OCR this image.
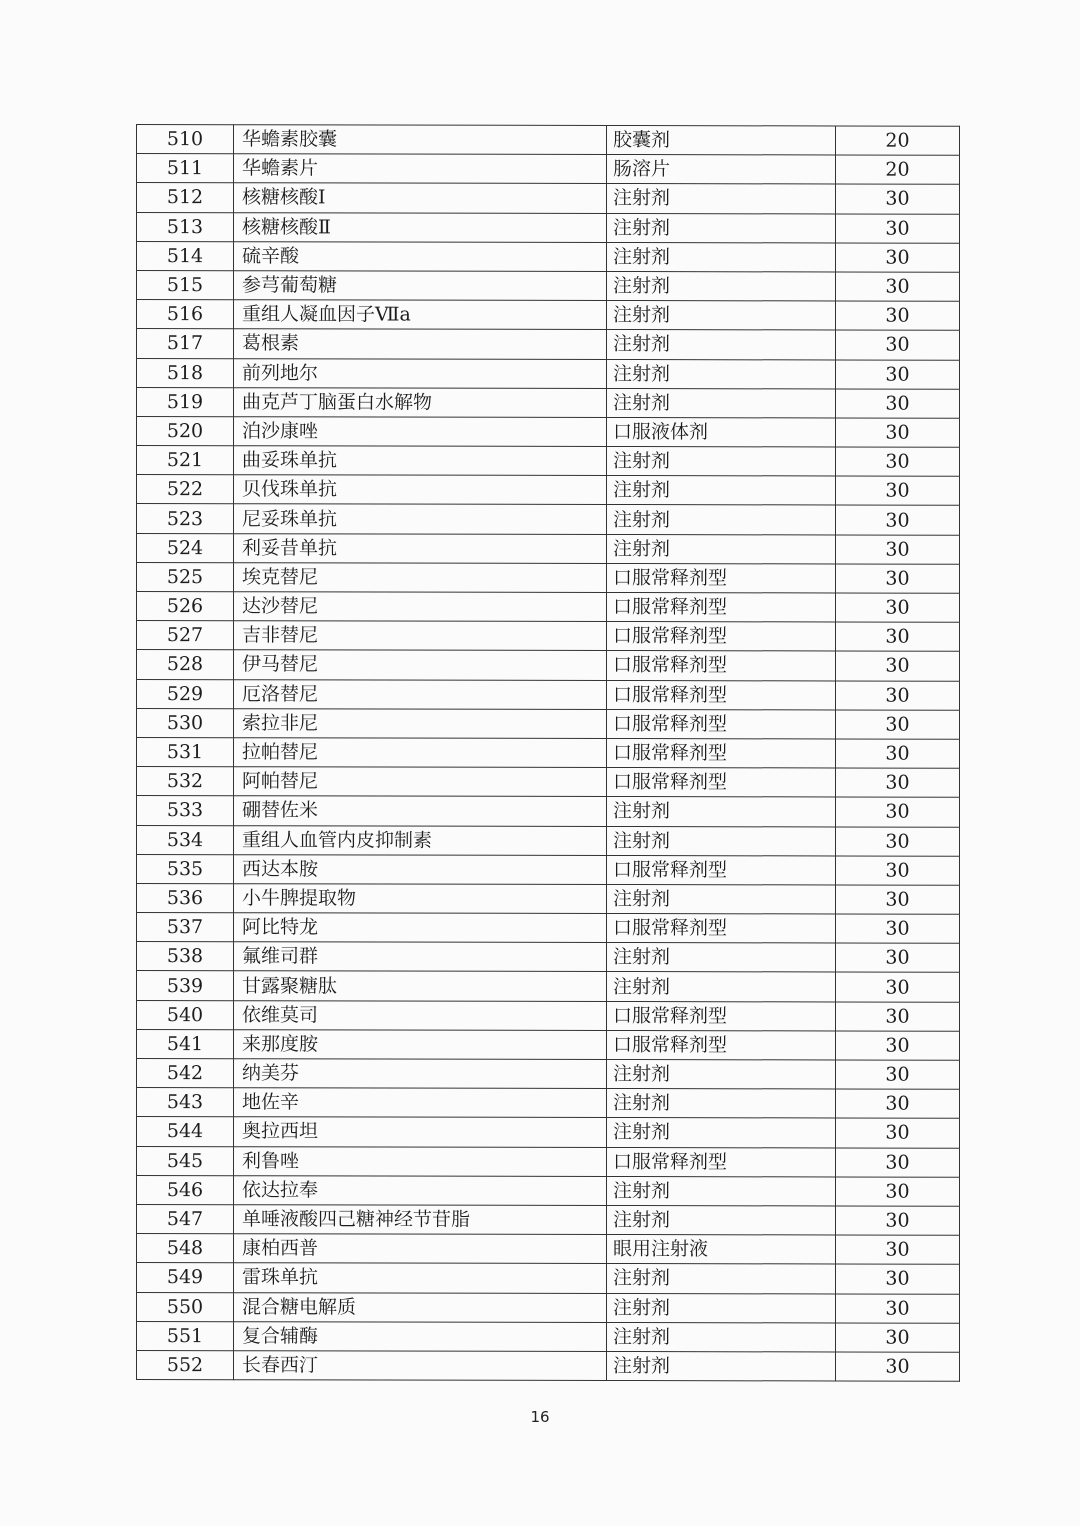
510	华蟾素胶囊	胶囊剂	20
511	华蟾素片	肠溶片	20
512	核糖核酸Ⅰ	注射剂	30
513	核糖核酸Ⅱ	注射剂	30
514	硫辛酸	注射剂	30
515	参芎葡萄糖	注射剂	30
516	重组人凝血因子Ⅶa	注射剂	30
517	葛根素	注射剂	30
518	前列地尔	注射剂	30
519	曲克芦丁脑蛋白水解物	注射剂	30
520	泊沙康唑	口服液体剂	30
521	曲妥珠单抗	注射剂	30
522	贝伐珠单抗	注射剂	30
523	尼妥珠单抗	注射剂	30
524	利妥昔单抗	注射剂	30
525	埃克替尼	口服常释剂型	30
526	达沙替尼	口服常释剂型	30
527	吉非替尼	口服常释剂型	30
528	伊马替尼	口服常释剂型	30
529	厄洛替尼	口服常释剂型	30
530	索拉非尼	口服常释剂型	30
531	拉帕替尼	口服常释剂型	30
532	阿帕替尼	口服常释剂型	30
533	硼替佐米	注射剂	30
534	重组人血管内皮抑制素	注射剂	30
535	西达本胺	口服常释剂型	30
536	小牛脾提取物	注射剂	30
537	阿比特龙	口服常释剂型	30
538	氟维司群	注射剂	30
539	甘露聚糖肽	注射剂	30
540	依维莫司	口服常释剂型	30
541	来那度胺	口服常释剂型	30
542	纳美芬	注射剂	30
543	地佐辛	注射剂	30
544	奥拉西坦	注射剂	30
545	利鲁唑	口服常释剂型	30
546	依达拉奉	注射剂	30
547	单唾液酸四己糖神经节苷脂	注射剂	30
548	康柏西普	眼用注射液	30
549	雷珠单抗	注射剂	30
550	混合糖电解质	注射剂	30
551	复合辅酶	注射剂	30
552	长春西汀	注射剂	30
16
